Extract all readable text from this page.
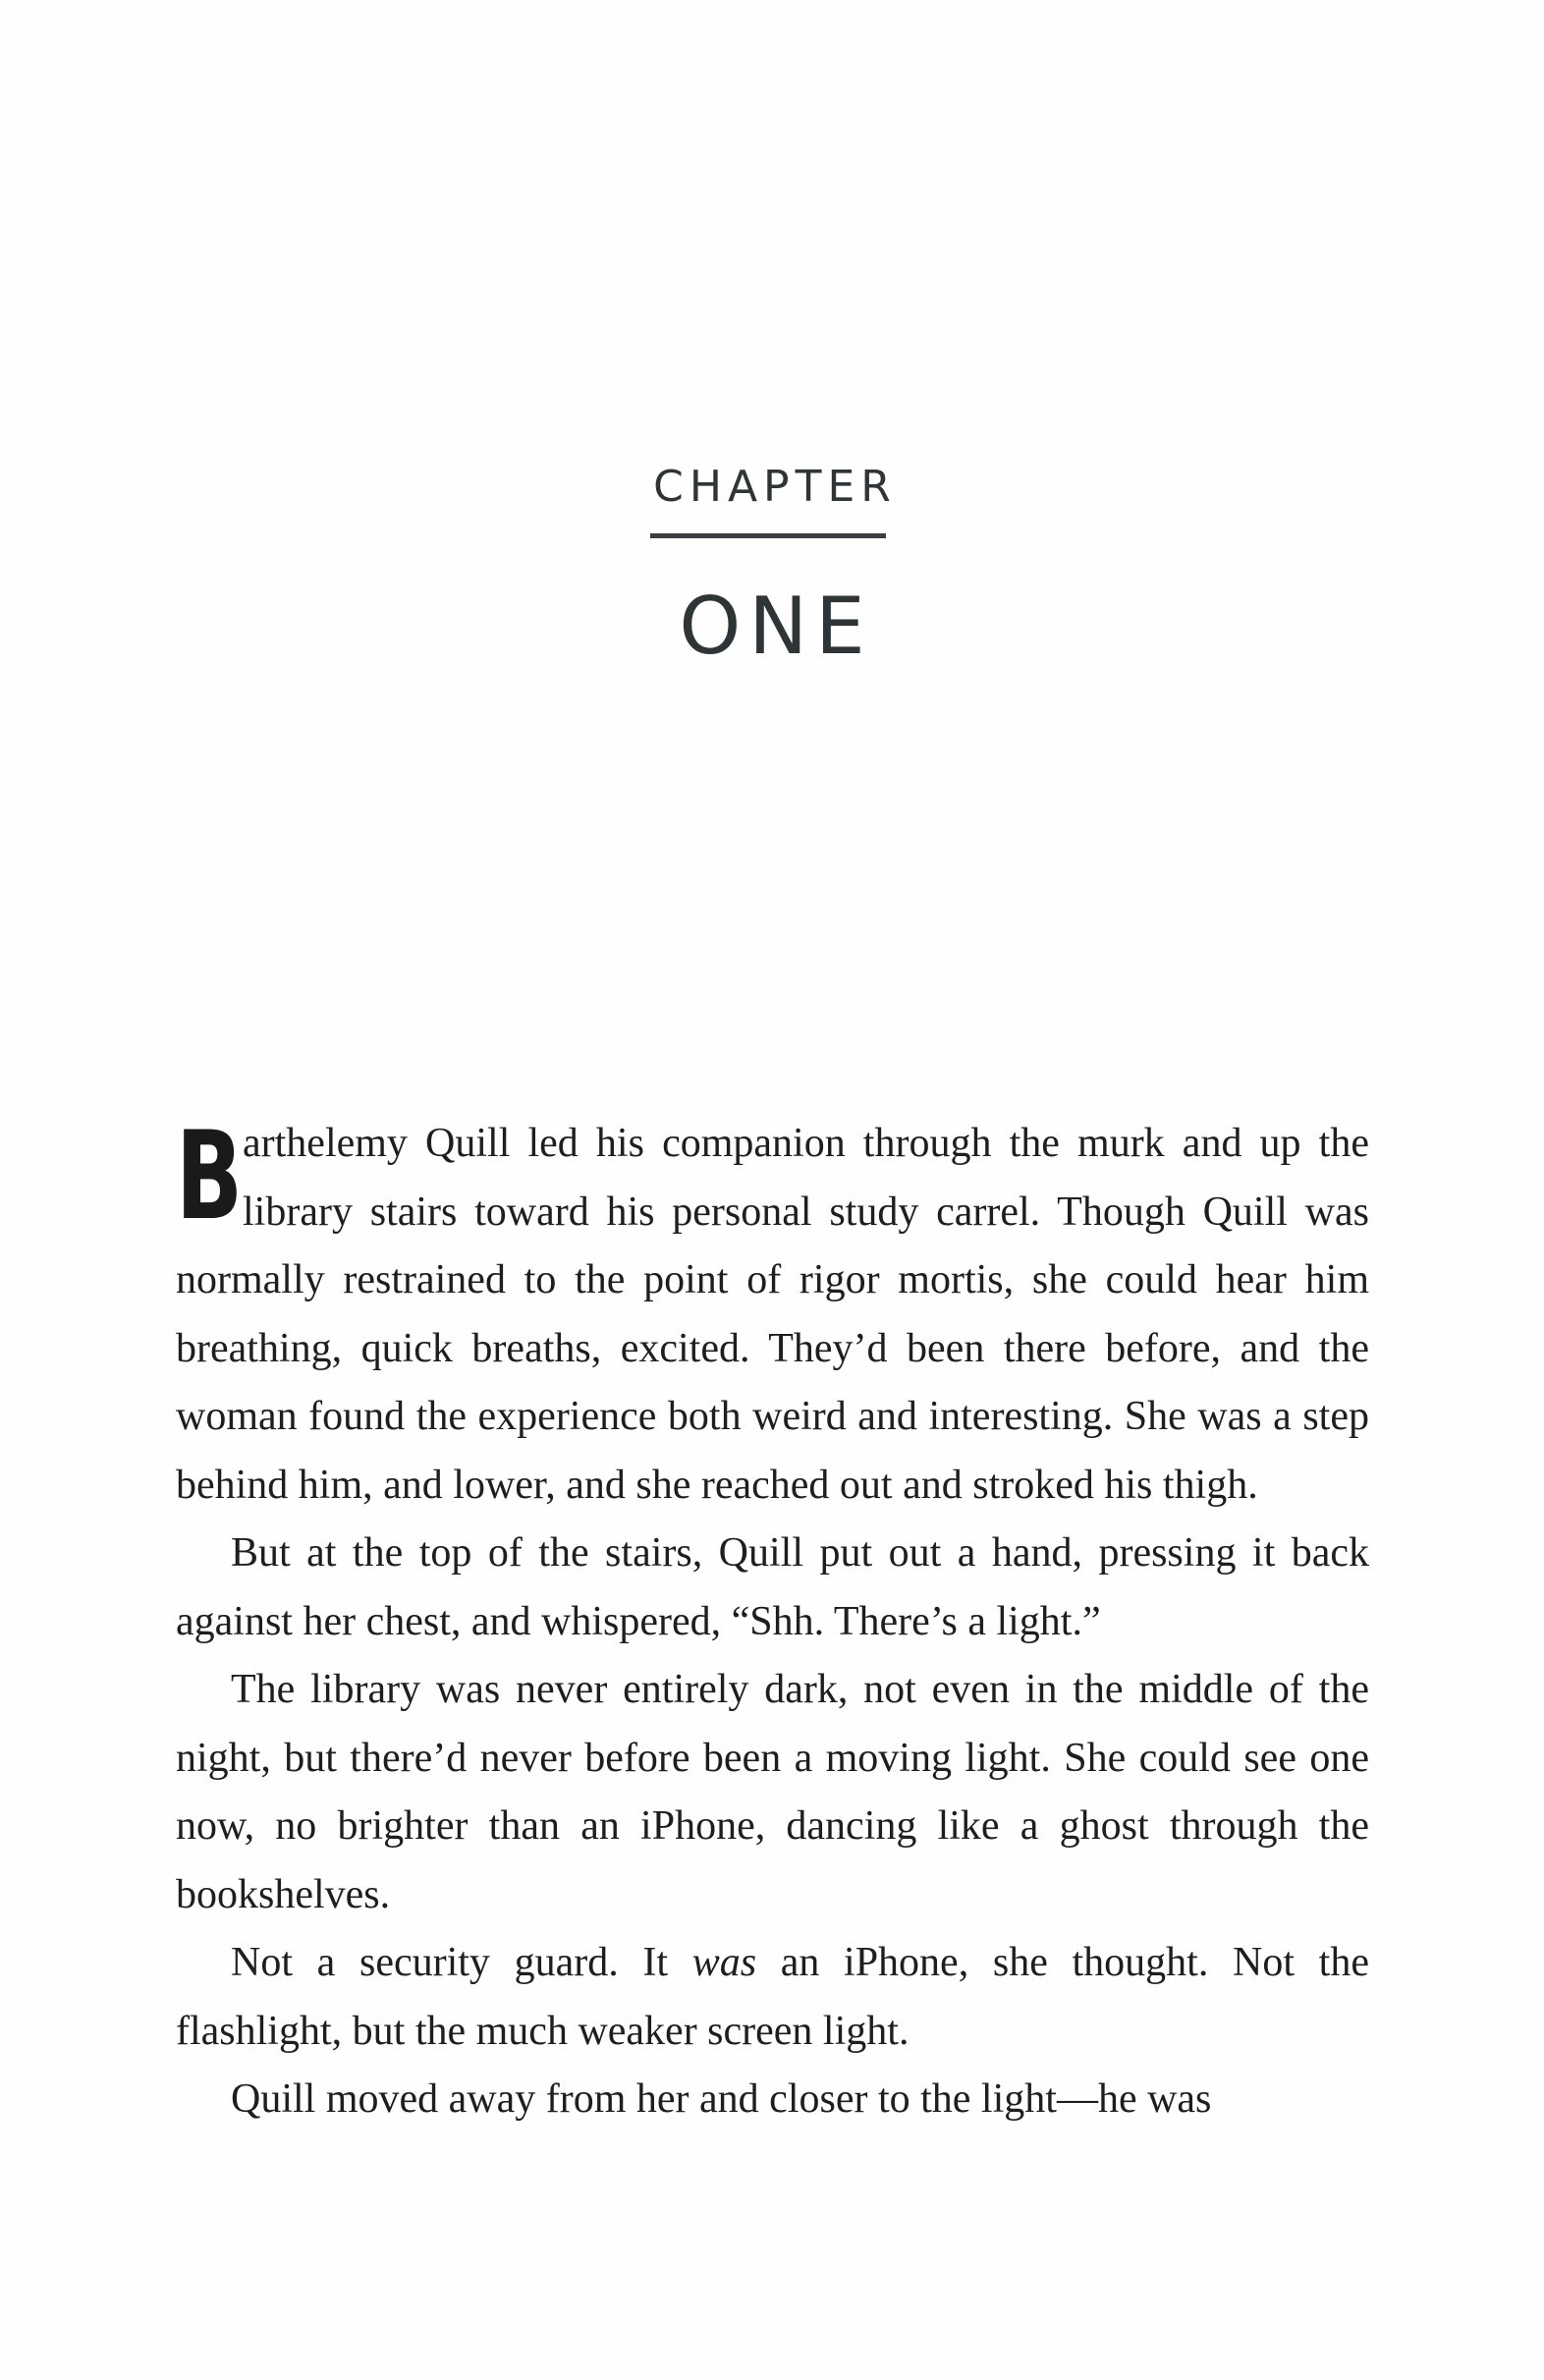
CHAPTER
ONE

Barthelemy Quill led his companion through the murk and up the library stairs toward his personal study carrel. Though Quill was normally restrained to the point of rigor mortis, she could hear him breathing, quick breaths, excited. They’d been there before, and the woman found the experience both weird and interesting. She was a step behind him, and lower, and she reached out and stroked his thigh.

But at the top of the stairs, Quill put out a hand, pressing it back against her chest, and whispered, “Shh. There’s a light.”

The library was never entirely dark, not even in the middle of the night, but there’d never before been a moving light. She could see one now, no brighter than an iPhone, dancing like a ghost through the bookshelves.

Not a security guard. It was an iPhone, she thought. Not the flashlight, but the much weaker screen light.

Quill moved away from her and closer to the light—he was
